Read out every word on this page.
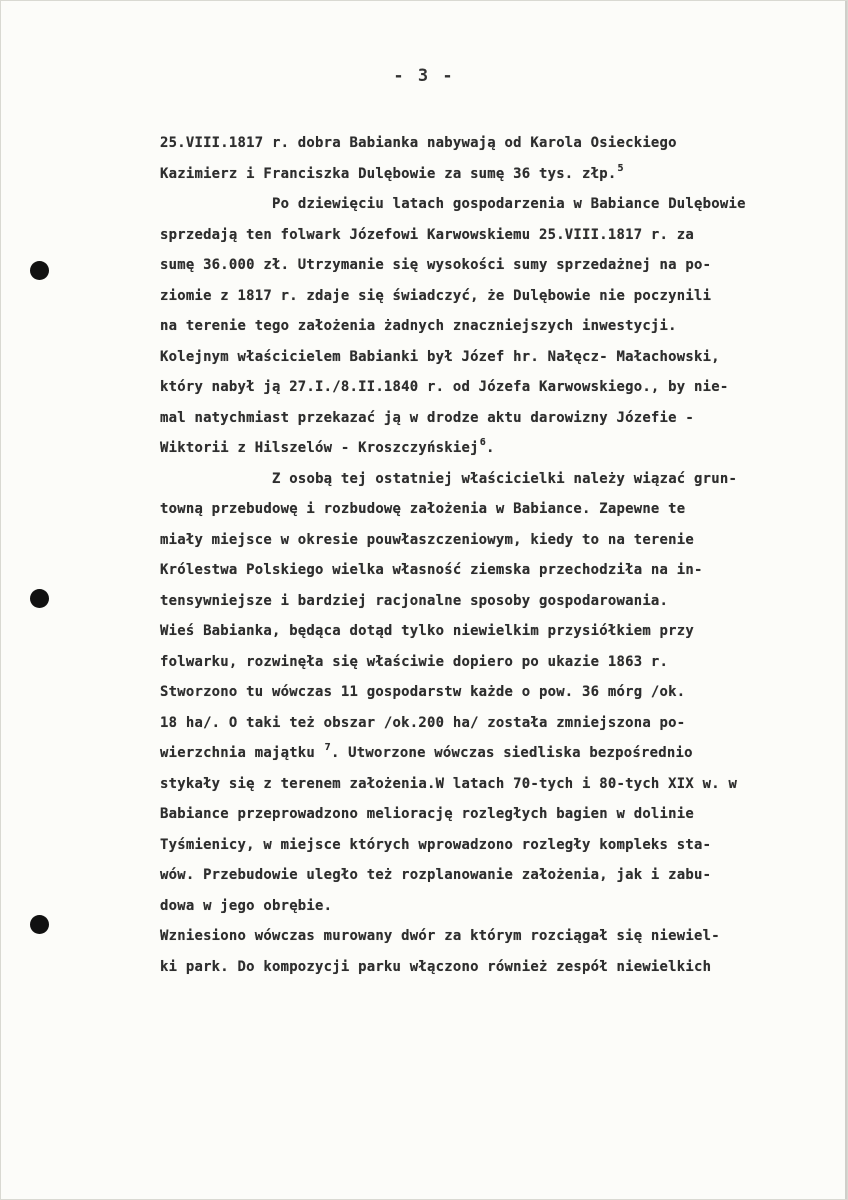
- 3 -
25.VIII.1817 r. dobra Babianka nabywają od Karola Osieckiego
Kazimierz i Franciszka Dulębowie za sumę 36 tys. złp.$^5$
Po dziewięciu latach gospodarzenia w Babiance Dulębowie
sprzedają ten folwark Józefowi Karwowskiemu 25.VIII.1817 r. za
sumę 36.000 zł. Utrzymanie się wysokości sumy sprzedażnej na po-
ziomie z 1817 r. zdaje się świadczyć, że Dulębowie nie poczynili
na terenie tego założenia żadnych znaczniejszych inwestycji.
Kolejnym właścicielem Babianki był Józef hr. Nałęcz- Małachowski,
który nabył ją 27.I./8.II.1840 r. od Józefa Karwowskiego., by nie-
mal natychmiast przekazać ją w drodze aktu darowizny Józefie -
Wiktorii z Hilszelów - Kroszczyńskiej$^6$.
Z osobą tej ostatniej właścicielki należy wiązać grun-
towną przebudowę i rozbudowę założenia w Babiance. Zapewne te
miały miejsce w okresie pouwłaszczeniowym, kiedy to na terenie
Królestwa Polskiego wielka własność ziemska przechodziła na in-
tensywniejsze i bardziej racjonalne sposoby gospodarowania.
Wieś Babianka, będąca dotąd tylko niewielkim przysiółkiem przy
folwarku, rozwinęła się właściwie dopiero po ukazie 1863 r.
Stworzono tu wówczas 11 gospodarstw każde o pow. 36 mórg /ok.
18 ha/. O taki też obszar /ok.200 ha/ została zmniejszona po-
wierzchnia majątku $^7$. Utworzone wówczas siedliska bezpośrednio
stykały się z terenem założenia.W latach 70-tych i 80-tych XIX w. w
Babiance przeprowadzono meliorację rozległych bagien w dolinie
Tyśmienicy, w miejsce których wprowadzono rozległy kompleks sta-
wów. Przebudowie uległo też rozplanowanie założenia, jak i zabu-
dowa w jego obrębie.
Wzniesiono wówczas murowany dwór za którym rozciągał się niewiel-
ki park. Do kompozycji parku włączono również zespół niewielkich
